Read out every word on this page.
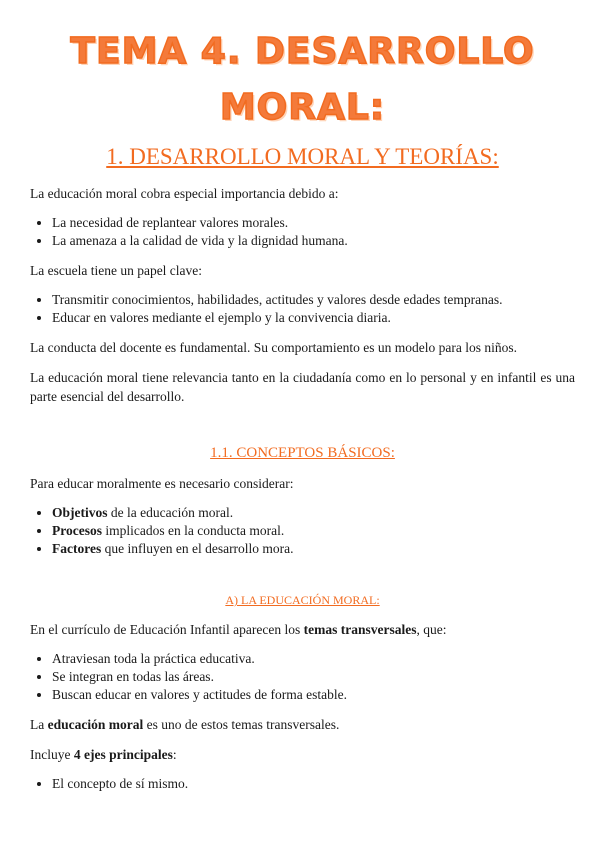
TEMA 4. DESARROLLO
MORAL:
1. DESARROLLO MORAL Y TEORÍAS:

La educación moral cobra especial importancia debido a:

• La necesidad de replantear valores morales.
• La amenaza a la calidad de vida y la dignidad humana.

La escuela tiene un papel clave:

• Transmitir conocimientos, habilidades, actitudes y valores desde edades tempranas.
• Educar en valores mediante el ejemplo y la convivencia diaria.

La conducta del docente es fundamental. Su comportamiento es un modelo para los niños.

La educación moral tiene relevancia tanto en la ciudadanía como en lo personal y en infantil es una parte esencial del desarrollo.

1.1. CONCEPTOS BÁSICOS:

Para educar moralmente es necesario considerar:

• Objetivos de la educación moral.
• Procesos implicados en la conducta moral.
• Factores que influyen en el desarrollo mora.
A) LA EDUCACIÓN MORAL:

En el currículo de Educación Infantil aparecen los temas transversales, que:

• Atraviesan toda la práctica educativa.
• Se integran en todas las áreas.
• Buscan educar en valores y actitudes de forma estable.

La educación moral es uno de estos temas transversales.

Incluye 4 ejes principales:

• El concepto de sí mismo.
